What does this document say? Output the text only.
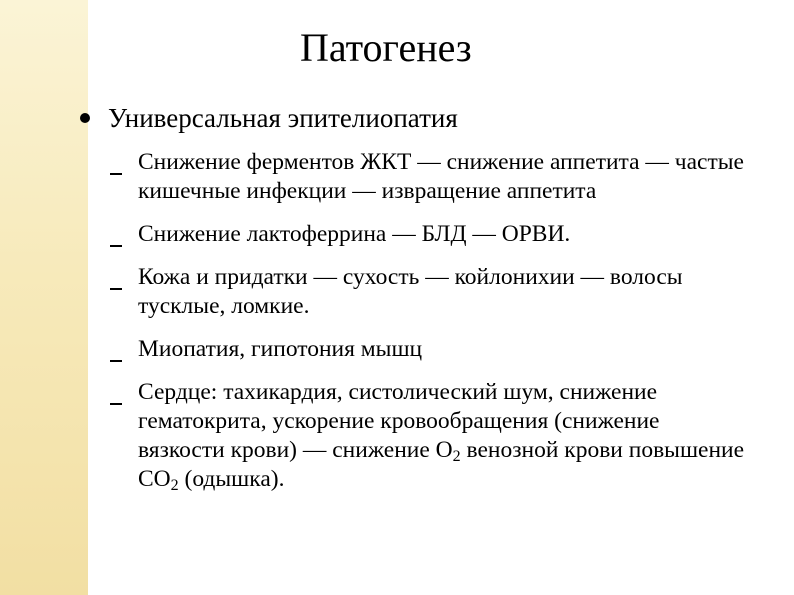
Патогенез
Универсальная эпителиопатия
Снижение ферментов ЖКТ — снижение аппетита — частые кишечные инфекции — извращение аппетита
Снижение лактоферрина — БЛД — ОРВИ.
Кожа и придатки — сухость — койлонихии — волосы тусклые, ломкие.
Миопатия, гипотония мышц
Сердце: тахикардия, систолический шум, снижение гематокрита, ускорение кровообращения (снижение вязкости крови) — снижение $О_2$ венозной крови повышение $СО_2$ (одышка).
